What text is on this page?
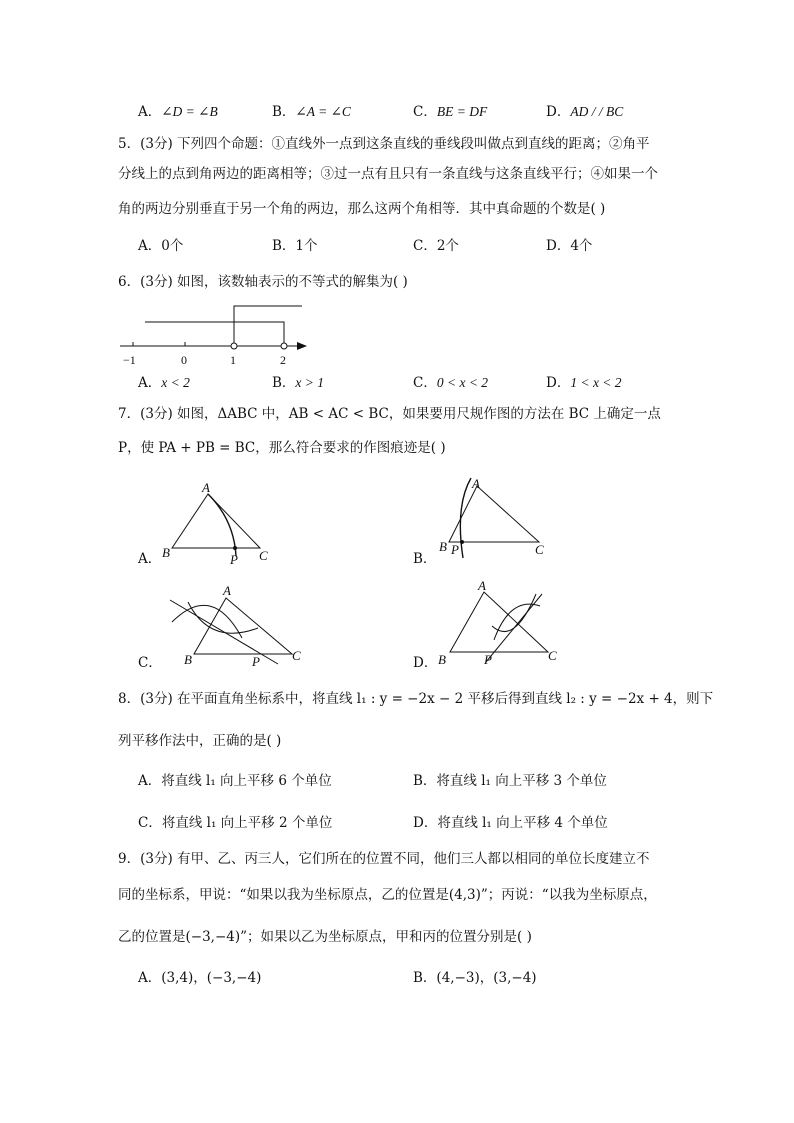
A．∠D = ∠B	B．∠A = ∠C	C．BE = DF	D．AD / / BC
5．(3分) 下列四个命题：①直线外一点到这条直线的垂线段叫做点到直线的距离；②角平
分线上的点到角两边的距离相等；③过一点有且只有一条直线与这条直线平行；④如果一个
角的两边分别垂直于另一个角的两边，那么这两个角相等．其中真命题的个数是( )
A．0个	B．1个	C．2个	D．4个
6．(3分) 如图，该数轴表示的不等式的解集为( )
−1	0	1	2
A．x < 2	B．x > 1	C．0 < x < 2	D．1 < x < 2
7．(3分) 如图，ΔABC 中，AB < AC < BC，如果要用尺规作图的方法在 BC 上确定一点
P，使 PA + PB = BC，那么符合要求的作图痕迹是( )
A
B	C
P
A．
A
B P	C
B．
A
B	P C
C．
A
B	P	C
D．
8．(3分) 在平面直角坐标系中，将直线 l₁ : y = −2x − 2 平移后得到直线 l₂ : y = −2x + 4，则下
列平移作法中，正确的是( )
A．将直线 l₁ 向上平移 6 个单位	B．将直线 l₁ 向上平移 3 个单位
C．将直线 l₁ 向上平移 2 个单位	D．将直线 l₁ 向上平移 4 个单位
9．(3分) 有甲、乙、丙三人，它们所在的位置不同，他们三人都以相同的单位长度建立不
同的坐标系，甲说：“如果以我为坐标原点，乙的位置是(4,3)”；丙说：“以我为坐标原点，
乙的位置是(−3,−4)”；如果以乙为坐标原点，甲和丙的位置分别是( )
A．(3,4)，(−3,−4)	B．(4,−3)，(3,−4)
